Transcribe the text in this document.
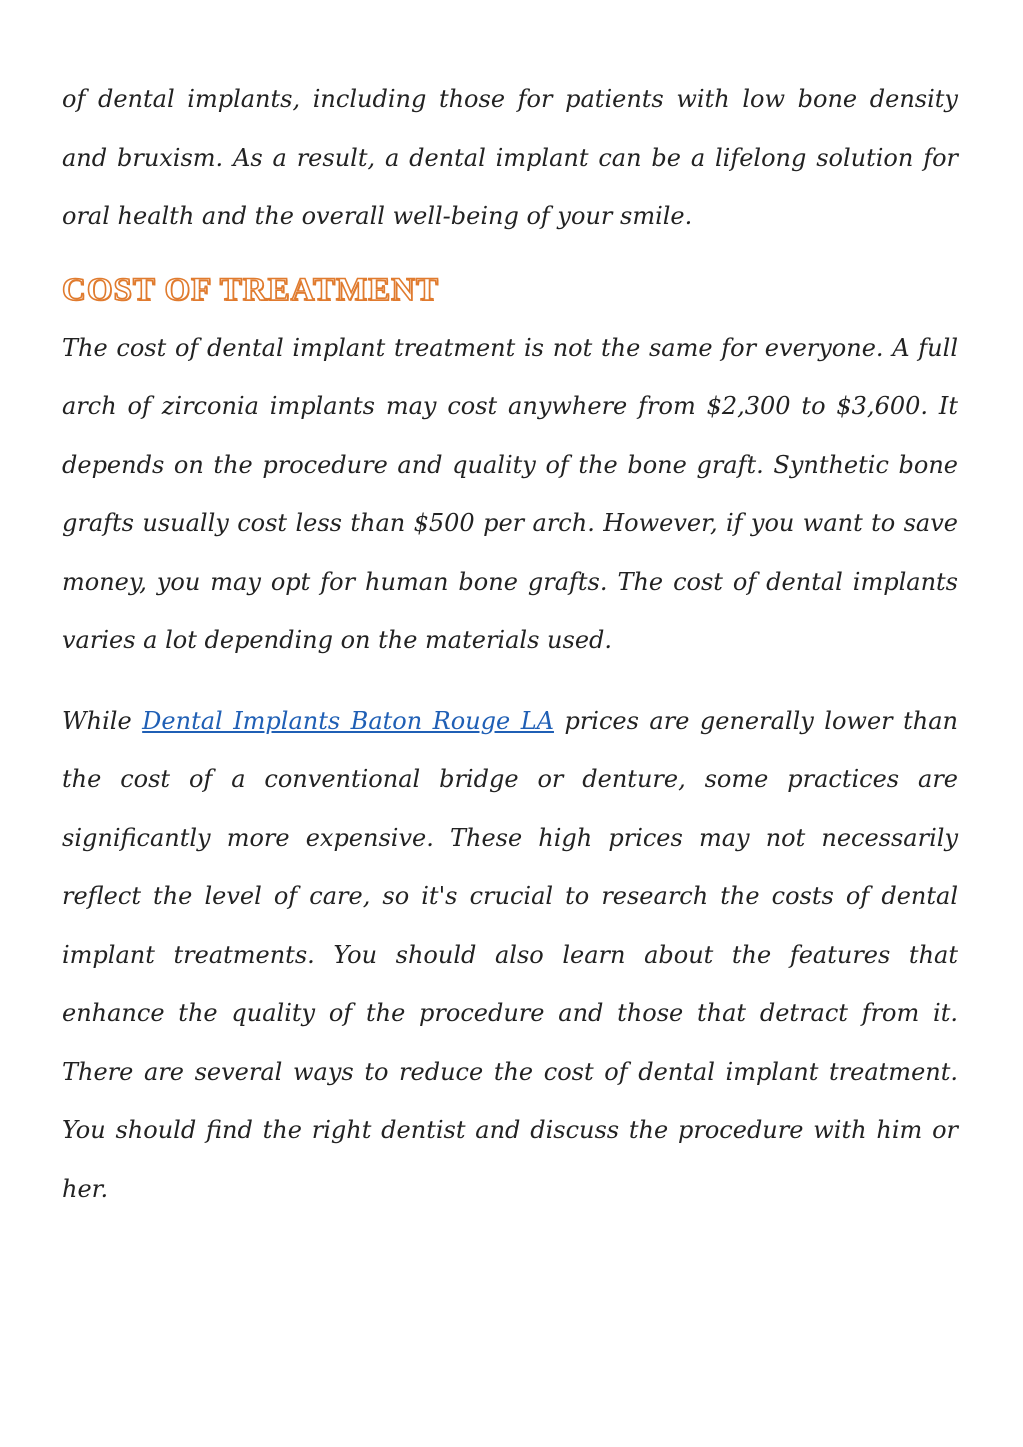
of dental implants, including those for patients with low bone density and bruxism. As a result, a dental implant can be a lifelong solution for oral health and the overall well-being of your smile.

COST OF TREATMENT

The cost of dental implant treatment is not the same for everyone. A full arch of zirconia implants may cost anywhere from $2,300 to $3,600. It depends on the procedure and quality of the bone graft. Synthetic bone grafts usually cost less than $500 per arch. However, if you want to save money, you may opt for human bone grafts. The cost of dental implants varies a lot depending on the materials used.

While Dental Implants Baton Rouge LA prices are generally lower than the cost of a conventional bridge or denture, some practices are significantly more expensive. These high prices may not necessarily reflect the level of care, so it's crucial to research the costs of dental implant treatments. You should also learn about the features that enhance the quality of the procedure and those that detract from it. There are several ways to reduce the cost of dental implant treatment. You should find the right dentist and discuss the procedure with him or her.
